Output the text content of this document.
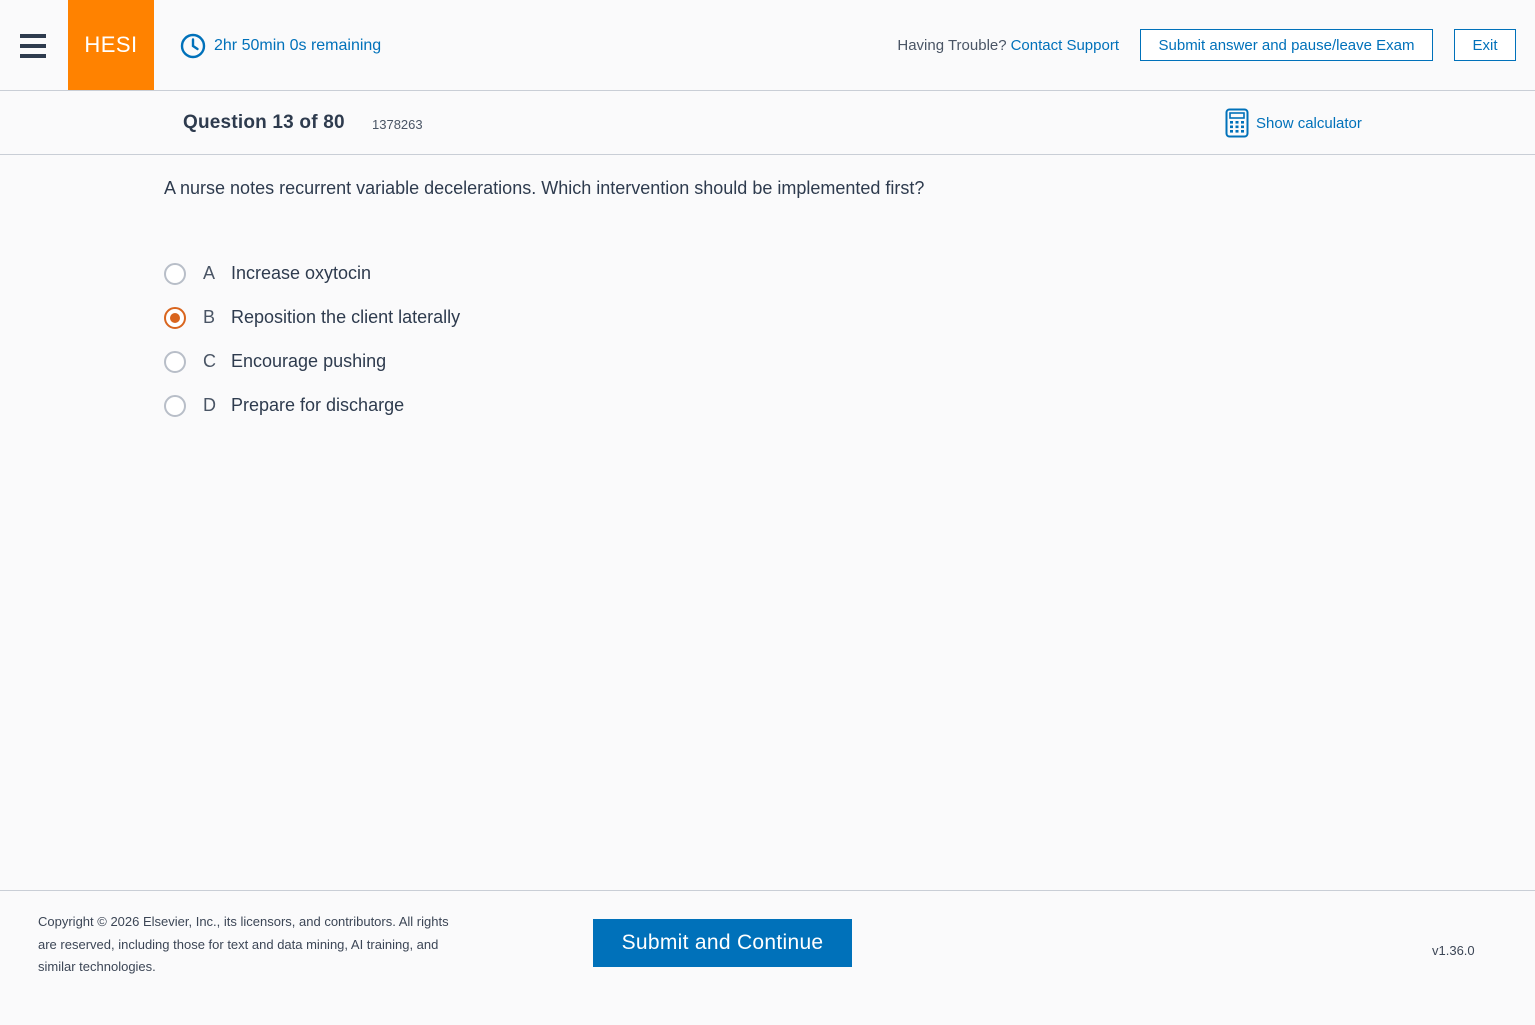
HESI	2hr 50min 0s remaining	Having Trouble? Contact Support	Submit answer and pause/leave Exam	Exit
Question 13 of 80 1378263	Show calculator
A nurse notes recurrent variable decelerations. Which intervention should be implemented first?
A Increase oxytocin
B Reposition the client laterally
C Encourage pushing
D Prepare for discharge
Copyright © 2026 Elsevier, Inc., its licensors, and contributors. All rights are reserved, including those for text and data mining, AI training, and similar technologies.
Submit and Continue	v1.36.0
